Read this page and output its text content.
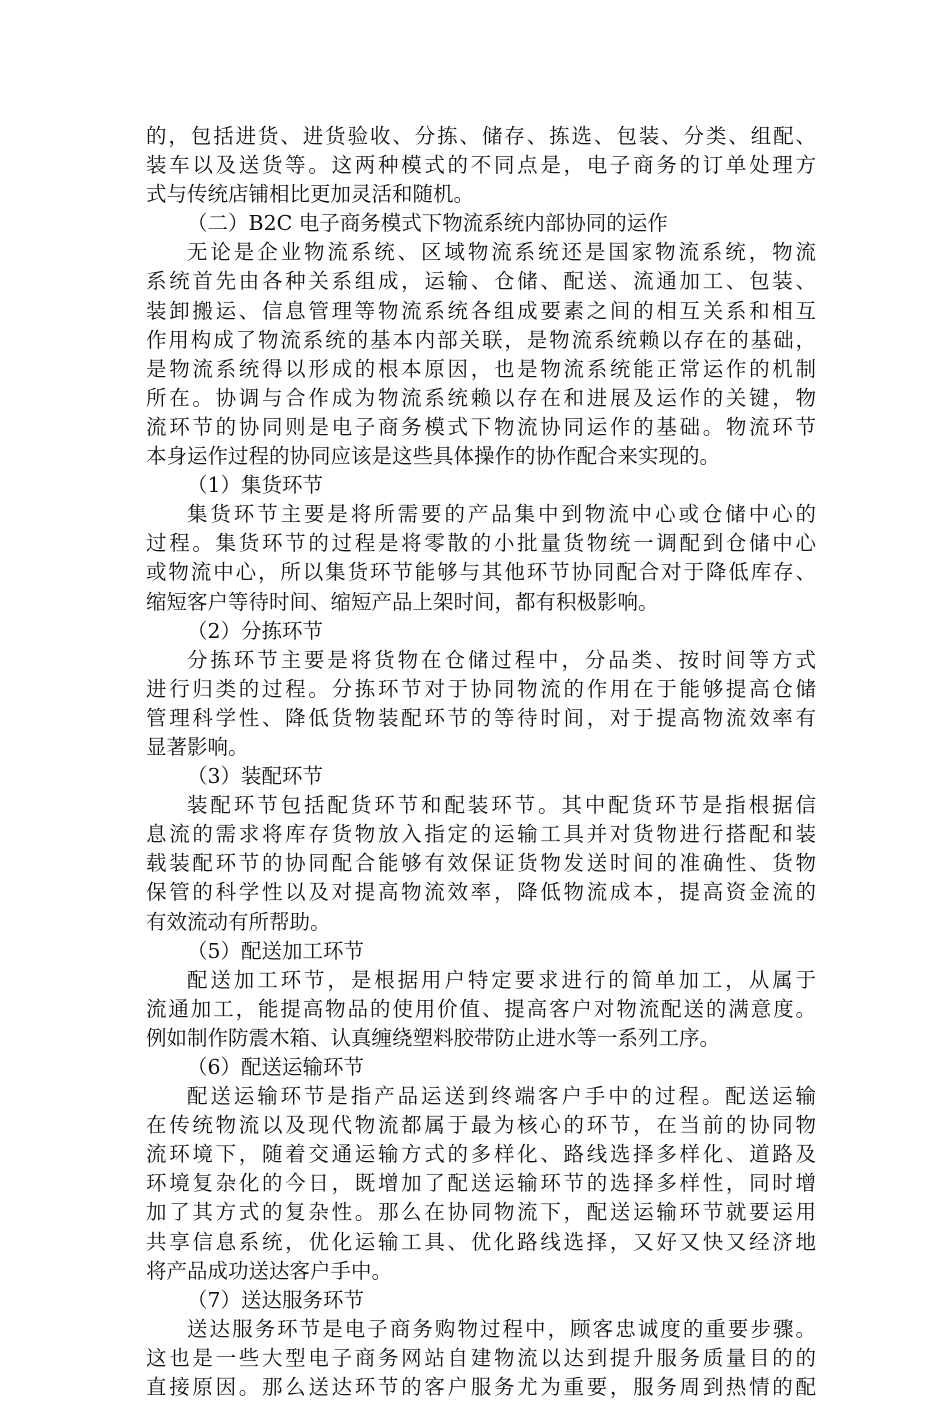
的，包括进货、进货验收、分拣、储存、拣选、包装、分类、组配、
装车以及送货等。这两种模式的不同点是，电子商务的订单处理方
式与传统店铺相比更加灵活和随机。
（二）B2C 电子商务模式下物流系统内部协同的运作
无论是企业物流系统、区域物流系统还是国家物流系统，物流
系统首先由各种关系组成，运输、仓储、配送、流通加工、包装、
装卸搬运、信息管理等物流系统各组成要素之间的相互关系和相互
作用构成了物流系统的基本内部关联，是物流系统赖以存在的基础，
是物流系统得以形成的根本原因，也是物流系统能正常运作的机制
所在。协调与合作成为物流系统赖以存在和进展及运作的关键，物
流环节的协同则是电子商务模式下物流协同运作的基础。物流环节
本身运作过程的协同应该是这些具体操作的协作配合来实现的。
（1）集货环节
集货环节主要是将所需要的产品集中到物流中心或仓储中心的
过程。集货环节的过程是将零散的小批量货物统一调配到仓储中心
或物流中心，所以集货环节能够与其他环节协同配合对于降低库存、
缩短客户等待时间、缩短产品上架时间，都有积极影响。
（2）分拣环节
分拣环节主要是将货物在仓储过程中，分品类、按时间等方式
进行归类的过程。分拣环节对于协同物流的作用在于能够提高仓储
管理科学性、降低货物装配环节的等待时间，对于提高物流效率有
显著影响。
（3）装配环节
装配环节包括配货环节和配装环节。其中配货环节是指根据信
息流的需求将库存货物放入指定的运输工具并对货物进行搭配和装
载装配环节的协同配合能够有效保证货物发送时间的准确性、货物
保管的科学性以及对提高物流效率，降低物流成本，提高资金流的
有效流动有所帮助。
（5）配送加工环节
配送加工环节，是根据用户特定要求进行的简单加工，从属于
流通加工，能提高物品的使用价值、提高客户对物流配送的满意度。
例如制作防震木箱、认真缠绕塑料胶带防止进水等一系列工序。
（6）配送运输环节
配送运输环节是指产品运送到终端客户手中的过程。配送运输
在传统物流以及现代物流都属于最为核心的环节，在当前的协同物
流环境下，随着交通运输方式的多样化、路线选择多样化、道路及
环境复杂化的今日，既增加了配送运输环节的选择多样性，同时增
加了其方式的复杂性。那么在协同物流下，配送运输环节就要运用
共享信息系统，优化运输工具、优化路线选择，又好又快又经济地
将产品成功送达客户手中。
（7）送达服务环节
送达服务环节是电子商务购物过程中，顾客忠诚度的重要步骤。
这也是一些大型电子商务网站自建物流以达到提升服务质量目的的
直接原因。那么送达环节的客户服务尤为重要，服务周到热情的配
